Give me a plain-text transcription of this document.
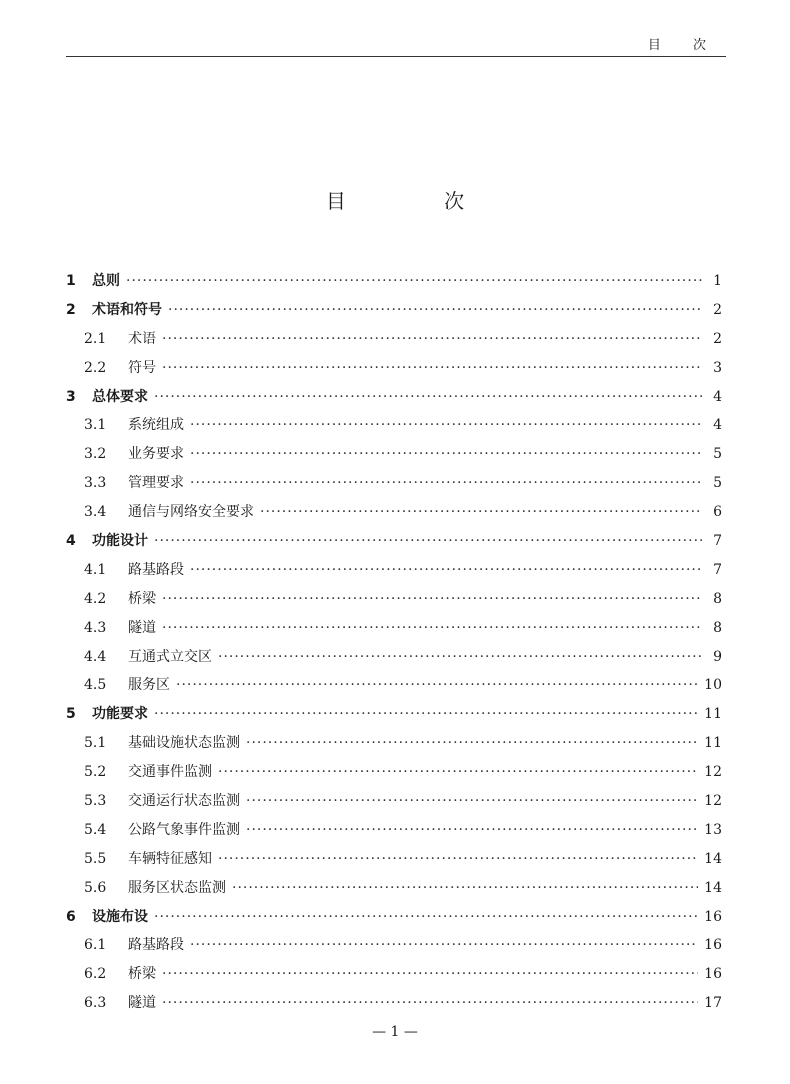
目 次
目 次
1	总则 ·····	1
2	术语和符号 ·····	2
2.1	术语 ·····	2
2.2	符号 ·····	3
3	总体要求 ·····	4
3.1	系统组成 ·····	4
3.2	业务要求 ·····	5
3.3	管理要求 ·····	5
3.4	通信与网络安全要求 ·····	6
4	功能设计 ·····	7
4.1	路基路段 ·····	7
4.2	桥梁 ·····	8
4.3	隧道 ·····	8
4.4	互通式立交区 ·····	9
4.5	服务区 ·····	10
5	功能要求 ·····	11
5.1	基础设施状态监测 ·····	11
5.2	交通事件监测 ·····	12
5.3	交通运行状态监测 ·····	12
5.4	公路气象事件监测 ·····	13
5.5	车辆特征感知 ·····	14
5.6	服务区状态监测 ·····	14
6	设施布设 ·····	16
6.1	路基路段 ·····	16
6.2	桥梁 ·····	16
6.3	隧道 ·····	17
— 1 —
